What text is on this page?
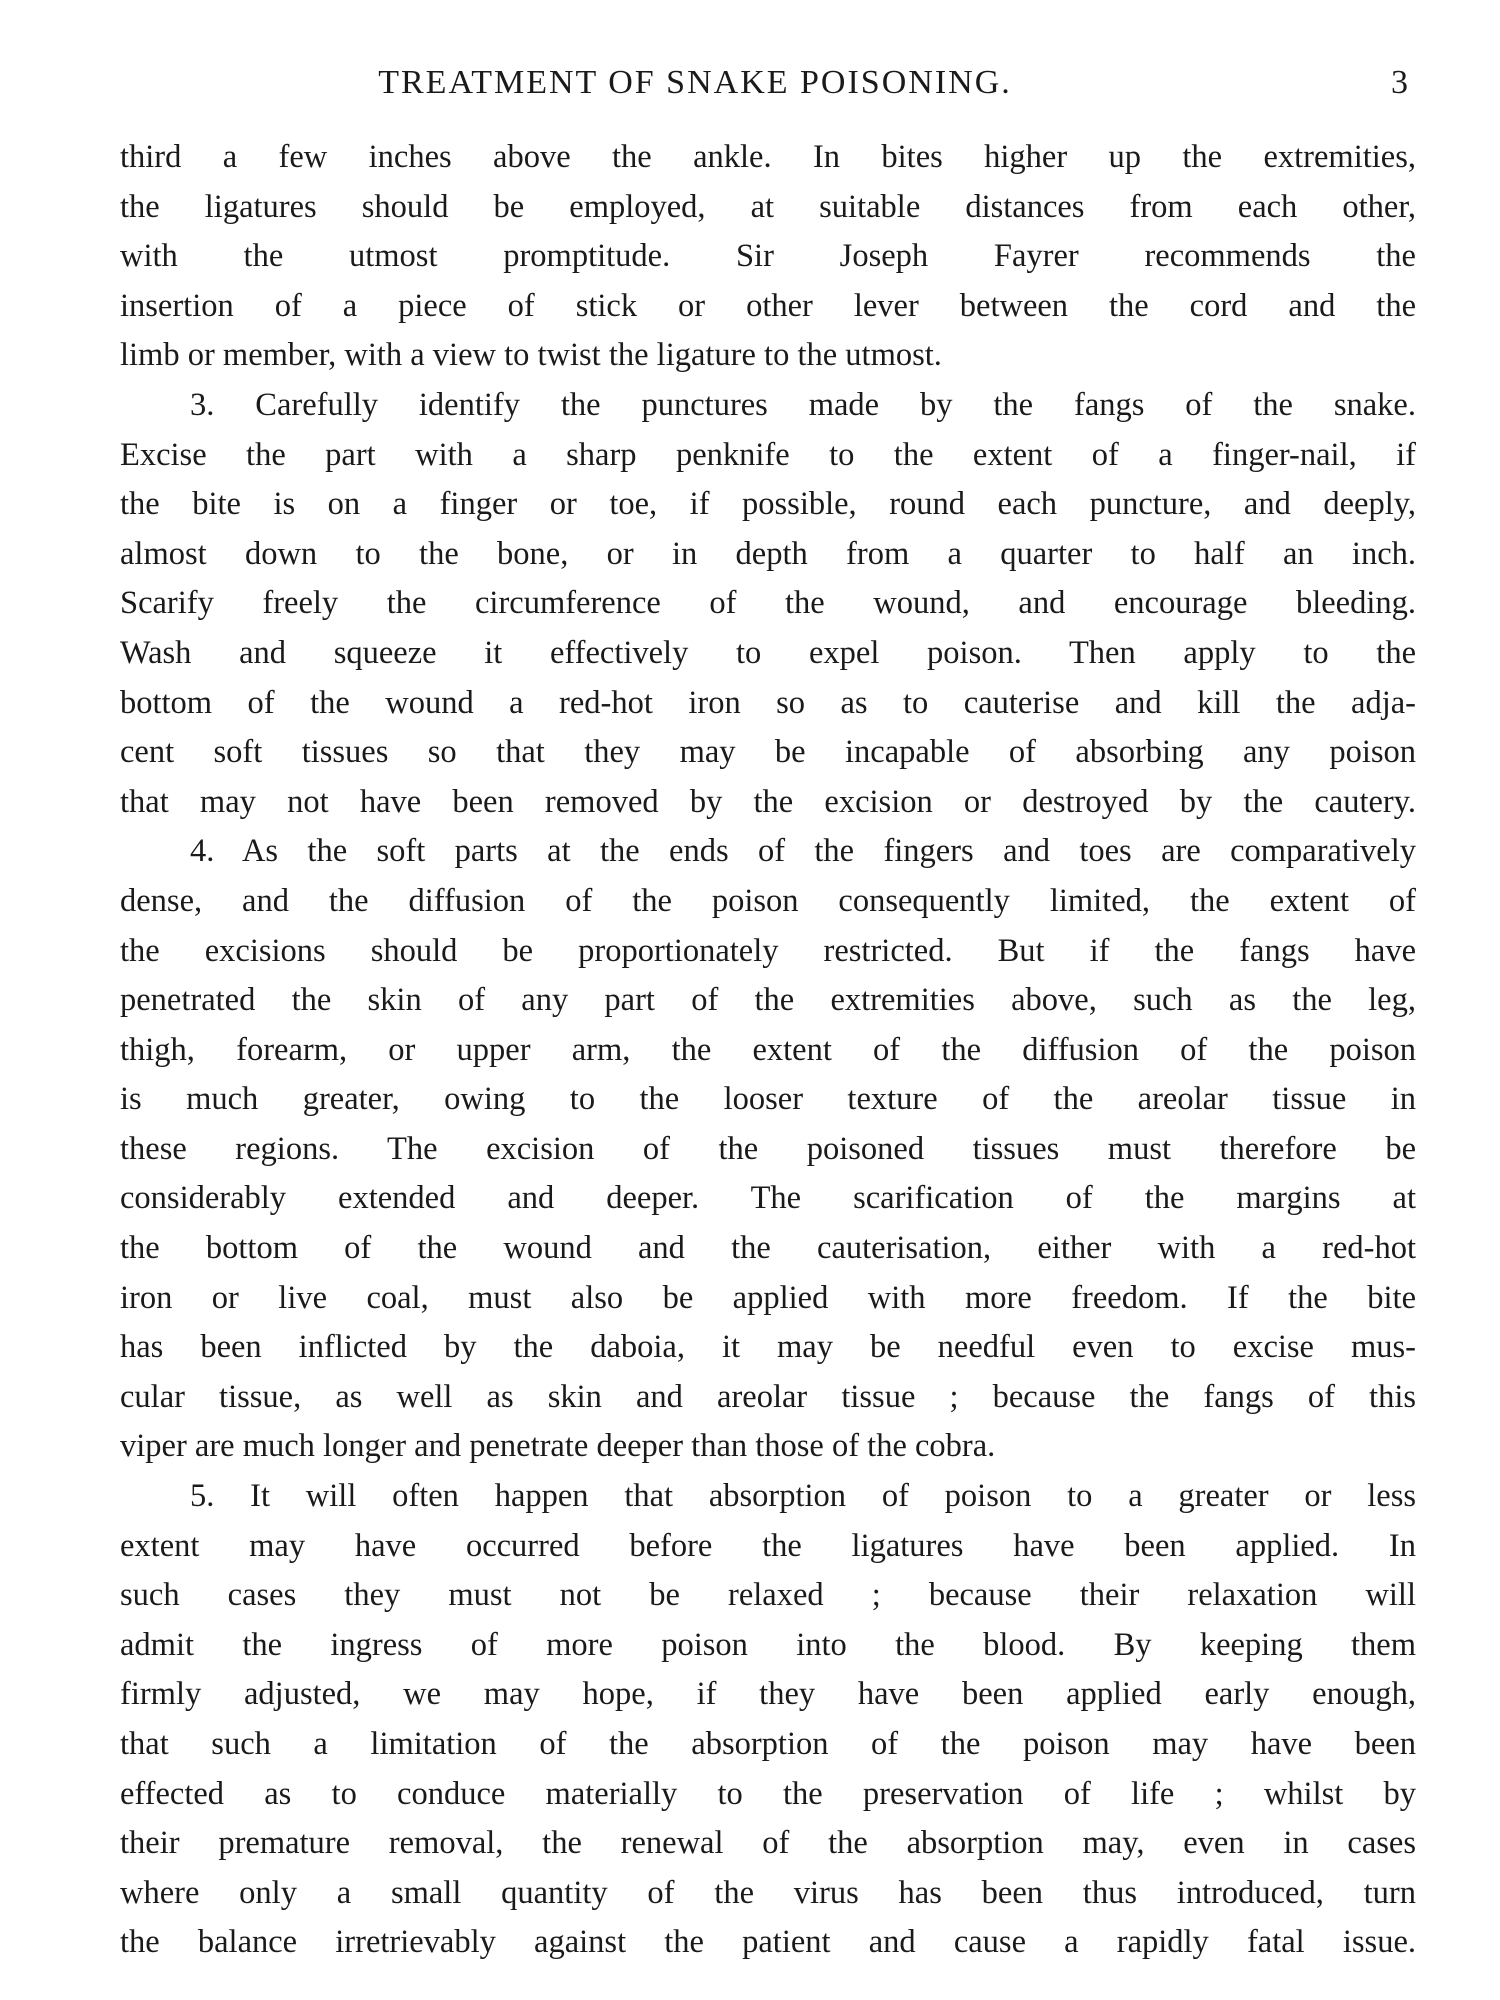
TREATMENT OF SNAKE POISONING.	3
third a few inches above the ankle. In bites higher up the extremities,
the ligatures should be employed, at suitable distances from each other,
with the utmost promptitude. Sir Joseph Fayrer recommends the
insertion of a piece of stick or other lever between the cord and the
limb or member, with a view to twist the ligature to the utmost.
3. Carefully identify the punctures made by the fangs of the snake.
Excise the part with a sharp penknife to the extent of a finger-nail, if
the bite is on a finger or toe, if possible, round each puncture, and deeply,
almost down to the bone, or in depth from a quarter to half an inch.
Scarify freely the circumference of the wound, and encourage bleeding.
Wash and squeeze it effectively to expel poison. Then apply to the
bottom of the wound a red-hot iron so as to cauterise and kill the adja-
cent soft tissues so that they may be incapable of absorbing any poison
that may not have been removed by the excision or destroyed by the cautery.
4. As the soft parts at the ends of the fingers and toes are comparatively
dense, and the diffusion of the poison consequently limited, the extent of
the excisions should be proportionately restricted. But if the fangs have
penetrated the skin of any part of the extremities above, such as the leg,
thigh, forearm, or upper arm, the extent of the diffusion of the poison
is much greater, owing to the looser texture of the areolar tissue in
these regions. The excision of the poisoned tissues must therefore be
considerably extended and deeper. The scarification of the margins at
the bottom of the wound and the cauterisation, either with a red-hot
iron or live coal, must also be applied with more freedom. If the bite
has been inflicted by the daboia, it may be needful even to excise mus-
cular tissue, as well as skin and areolar tissue ; because the fangs of this
viper are much longer and penetrate deeper than those of the cobra.
5. It will often happen that absorption of poison to a greater or less
extent may have occurred before the ligatures have been applied. In
such cases they must not be relaxed ; because their relaxation will
admit the ingress of more poison into the blood. By keeping them
firmly adjusted, we may hope, if they have been applied early enough,
that such a limitation of the absorption of the poison may have been
effected as to conduce materially to the preservation of life ; whilst by
their premature removal, the renewal of the absorption may, even in cases
where only a small quantity of the virus has been thus introduced, turn
the balance irretrievably against the patient and cause a rapidly fatal issue.
